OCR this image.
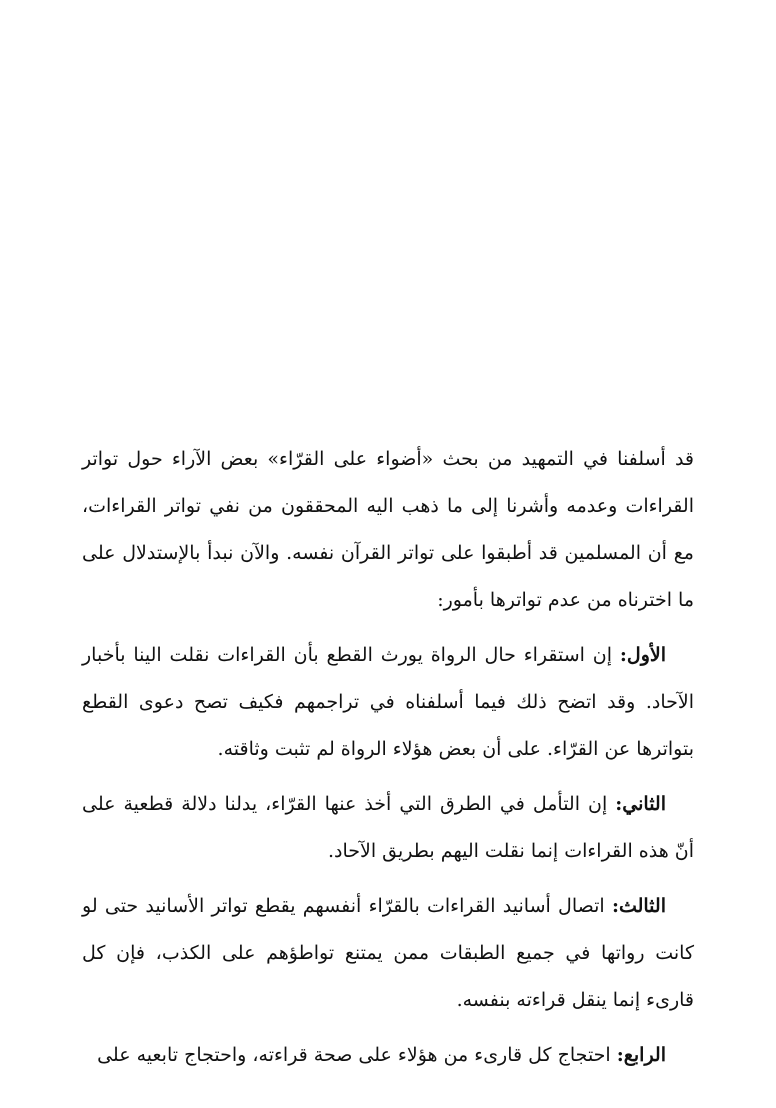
قد أسلفنا في التمهيد من بحث «أضواء على القرّاء» بعض الآراء حول تواتر القراءات وعدمه وأشرنا إلى ما ذهب اليه المحققون من نفي تواتر القراءات، مع أن المسلمين قد أطبقوا على تواتر القرآن نفسه. والآن نبدأ بالإستدلال على ما اخترناه من عدم تواترها بأمور:

الأول: إن استقراء حال الرواة يورث القطع بأن القراءات نقلت الينا بأخبار الآحاد. وقد اتضح ذلك فيما أسلفناه في تراجمهم فكيف تصح دعوى القطع بتواترها عن القرّاء. على أن بعض هؤلاء الرواة لم تثبت وثاقته.

الثاني: إن التأمل في الطرق التي أخذ عنها القرّاء، يدلنا دلالة قطعية على أنّ هذه القراءات إنما نقلت اليهم بطريق الآحاد.

الثالث: اتصال أسانيد القراءات بالقرّاء أنفسهم يقطع تواتر الأسانيد حتى لو كانت رواتها في جميع الطبقات ممن يمتنع تواطؤهم على الكذب، فإن كل قارىء إنما ينقل قراءته بنفسه.

الرابع: احتجاج كل قارىء من هؤلاء على صحة قراءته، واحتجاج تابعيه على
